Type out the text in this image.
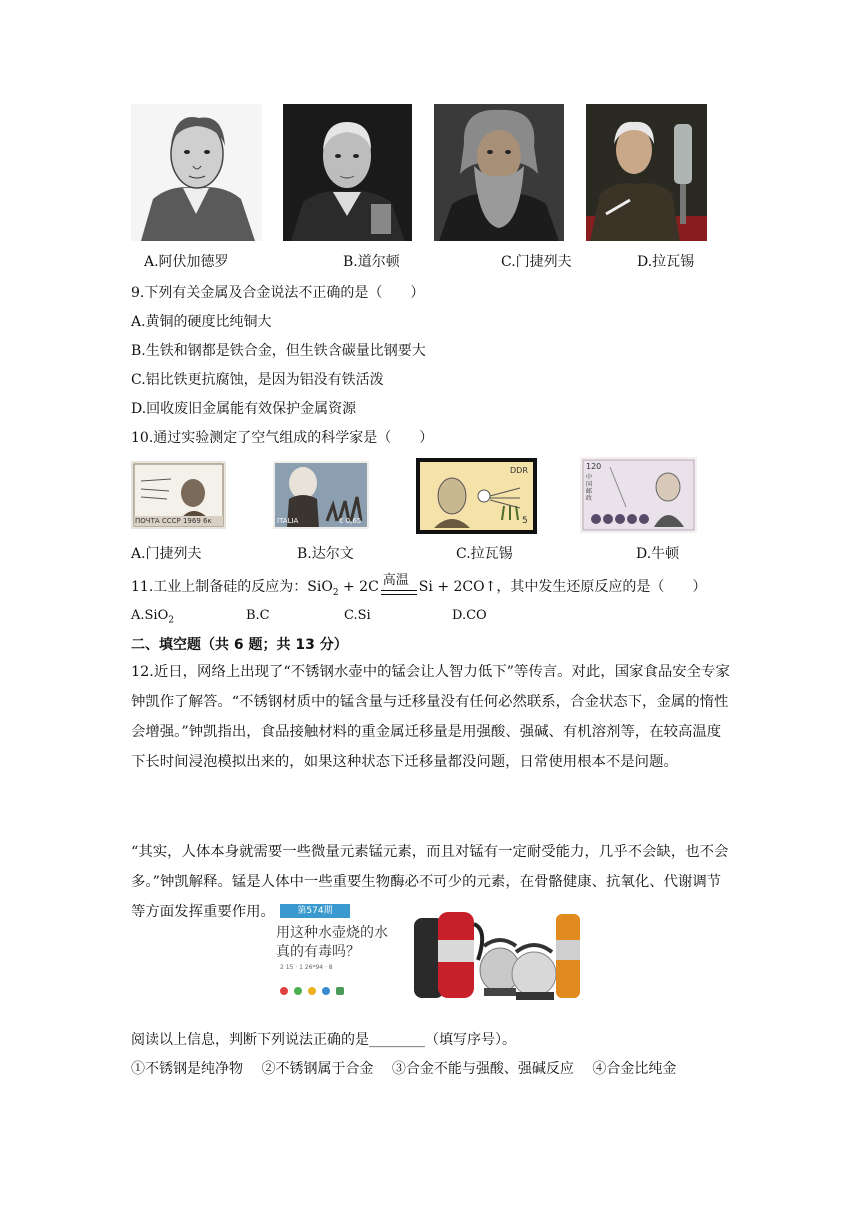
A.阿伏加德罗	B.道尔顿	C.门捷列夫	D.拉瓦锡
9.下列有关金属及合金说法不正确的是（　　）
A.黄铜的硬度比纯铜大
B.生铁和钢都是铁合金，但生铁含碳量比钢要大
C.铝比铁更抗腐蚀，是因为铝没有铁活泼
D.回收废旧金属能有效保护金属资源
10.通过实验测定了空气组成的科学家是（　　）
ПОЧТА СССР 1969 6к	ITALIA	€ 0,65
DDR
5
120
中国邮政
A.门捷列夫	B.达尔文	C.拉瓦锡	D.牛顿
11.工业上制备硅的反应为：SiO$_2$ + 2C 高温 Si + 2CO↑，其中发生还原反应的是（　　）
A.SiO$_2$	B.C	C.Si	D.CO
二、填空题（共 6 题；共 13 分）
12.近日，网络上出现了“不锈钢水壶中的锰会让人智力低下”等传言。对此，国家食品安全专家钟凯作了解答。“不锈钢材质中的锰含量与迁移量没有任何必然联系，合金状态下，金属的惰性会增强。”钟凯指出，食品接触材料的重金属迁移量是用强酸、强碱、有机溶剂等，在较高温度下长时间浸泡模拟出来的，如果这种状态下迁移量都没问题，日常使用根本不是问题。
“其实，人体本身就需要一些微量元素锰元素，而且对锰有一定耐受能力，几乎不会缺，也不会多。”钟凯解释。锰是人体中一些重要生物酶必不可少的元素，在骨骼健康、抗氧化、代谢调节等方面发挥重要作用。	第574期
用这种水壶烧的水
真的有毒吗？
2 15 · 1 26*94 · 8
阅读以上信息，判断下列说法正确的是________（填写序号）。
①不锈钢是纯净物　 ②不锈钢属于合金　 ③合金不能与强酸、强碱反应　 ④合金比纯金
